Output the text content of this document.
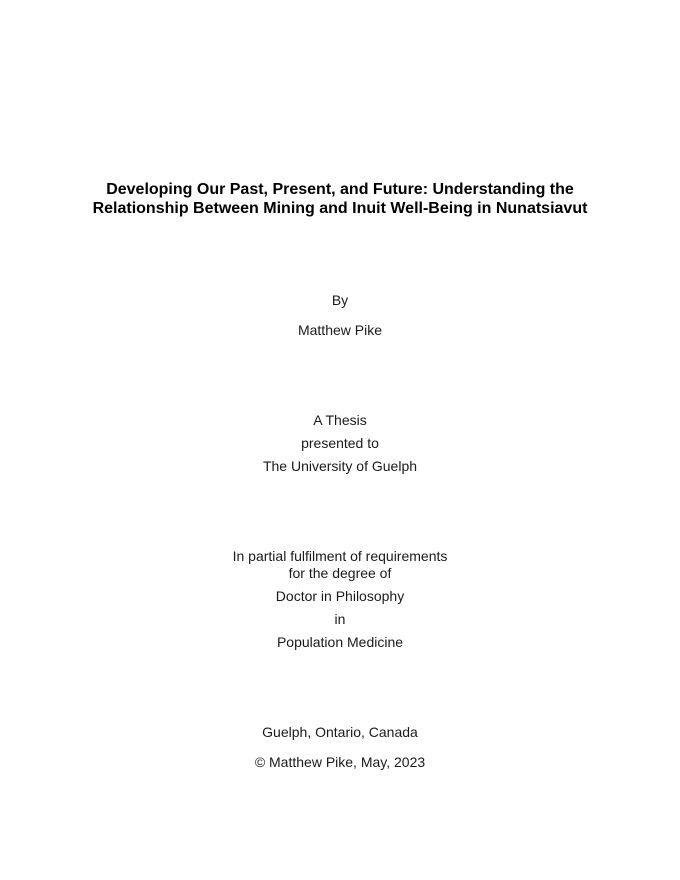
Developing Our Past, Present, and Future: Understanding the
Relationship Between Mining and Inuit Well-Being in Nunatsiavut
By
Matthew Pike
A Thesis
presented to
The University of Guelph
In partial fulfilment of requirements
for the degree of
Doctor in Philosophy
in
Population Medicine
Guelph, Ontario, Canada
© Matthew Pike, May, 2023
